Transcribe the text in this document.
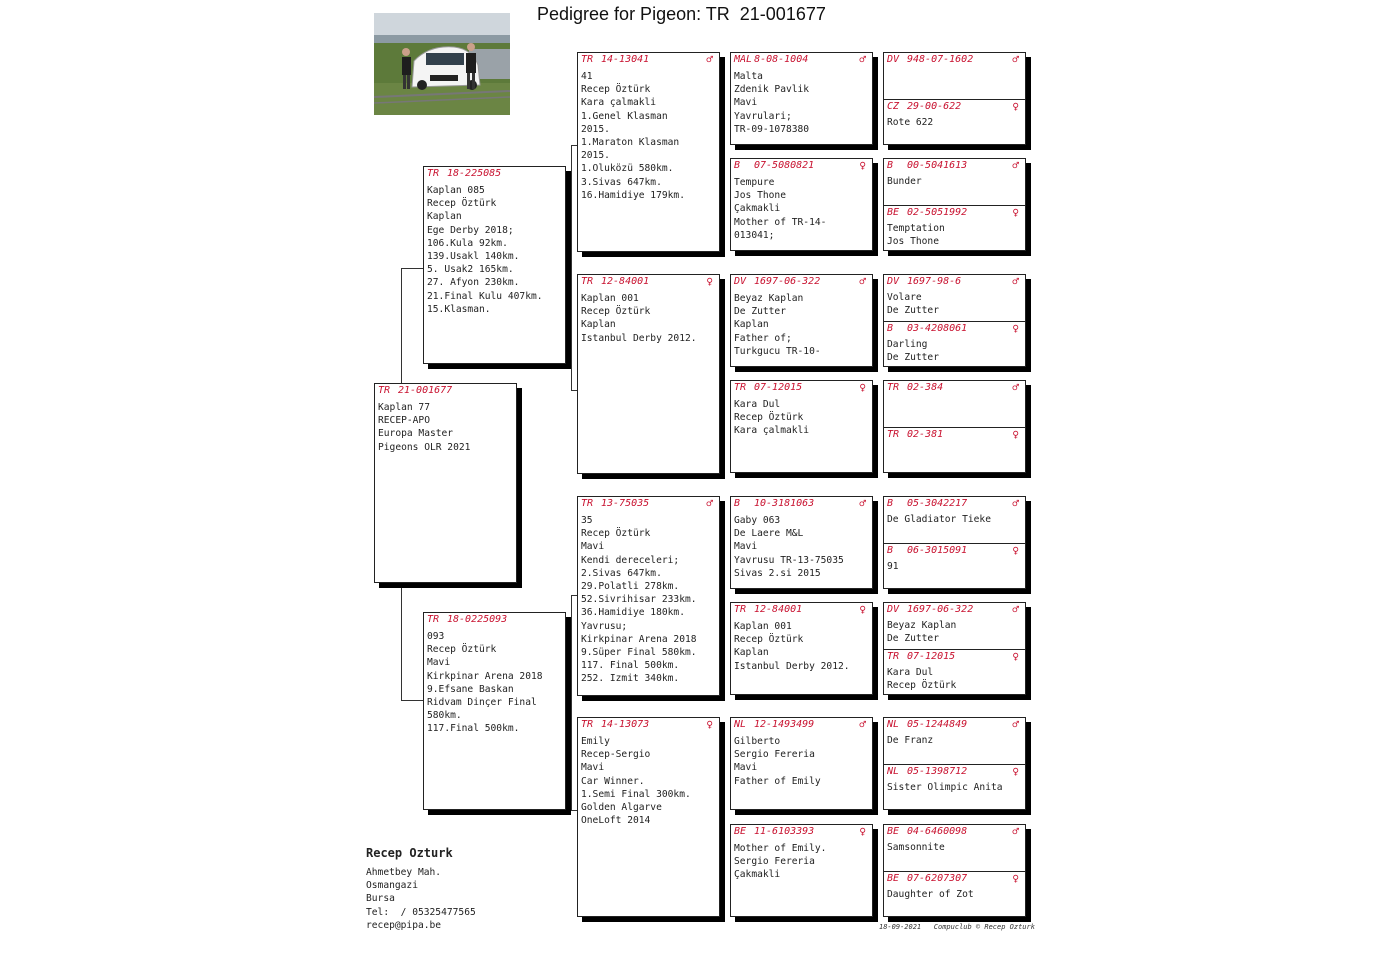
Pedigree for Pigeon: TR  21-001677
TR 21-001677
Kaplan 77
RECEP-APO
Europa Master
Pigeons OLR 2021
TR 18-225085
Kaplan 085
Recep Öztürk
Kaplan
Ege Derby 2018;
106.Kula 92km.
139.Usakl 140km.
5. Usak2 165km.
27. Afyon 230km.
21.Final Kulu 407km.
15.Klasman.
TR 18-0225093
093
Recep Öztürk
Mavi
Kirkpinar Arena 2018
9.Efsane Baskan
Ridvam Dinçer Final
580km.
117.Final 500km.
TR 14-13041	♂
41
Recep Öztürk
Kara çalmakli
1.Genel Klasman
2015.
1.Maraton Klasman
2015.
1.Oluközü 580km.
3.Sivas 647km.
16.Hamidiye 179km.
TR 12-84001	♀
Kaplan 001
Recep Öztürk
Kaplan
Istanbul Derby 2012.
TR 13-75035	♂
35
Recep Öztürk
Mavi
Kendi dereceleri;
2.Sivas 647km.
29.Polatli 278km.
52.Sivrihisar 233km.
36.Hamidiye 180km.
Yavrusu;
Kirkpinar Arena 2018
9.Süper Final 580km.
117. Final 500km.
252. Izmit 340km.
TR 14-13073	♀
Emily
Recep-Sergio
Mavi
Car Winner.
1.Semi Final 300km.
Golden Algarve
OneLoft 2014
MAL 8-08-1004	♂
Malta
Zdenik Pavlik
Mavi
Yavrulari;
TR-09-1078380
B 07-5080821	♀
Tempure
Jos Thone
Çakmakli
Mother of TR-14-
013041;
DV 1697-06-322	♂
Beyaz Kaplan
De Zutter
Kaplan
Father of;
Turkgucu TR-10-
TR 07-12015	♀
Kara Dul
Recep Öztürk
Kara çalmakli
B 10-3181063	♂
Gaby 063
De Laere M&L
Mavi
Yavrusu TR-13-75035
Sivas 2.si 2015
TR 12-84001	♀
Kaplan 001
Recep Öztürk
Kaplan
Istanbul Derby 2012.
NL 12-1493499	♂
Gilberto
Sergio Fereria
Mavi
Father of Emily
BE 11-6103393	♀
Mother of Emily.
Sergio Fereria
Çakmakli
DV 948-07-1602	♂
CZ 29-00-622	♀
Rote 622
B 00-5041613	♂
Bunder
BE 02-5051992	♀
Temptation
Jos Thone
DV 1697-98-6	♂
Volare
De Zutter
B 03-4208061	♀
Darling
De Zutter
TR 02-384	♂
TR 02-381	♀
B 05-3042217	♂
De Gladiator Tieke
B 06-3015091	♀
91
DV 1697-06-322	♂
Beyaz Kaplan
De Zutter
TR 07-12015	♀
Kara Dul
Recep Öztürk
NL 05-1244849	♂
De Franz
NL 05-1398712	♀
Sister Olimpic Anita
BE 04-6460098	♂
Samsonnite
BE 07-6207307	♀
Daughter of Zot
Recep Ozturk
Ahmetbey Mah.
Osmangazi
Bursa
Tel:  / 05325477565
recep@pipa.be	18-09-2021   Compuclub © Recep Ozturk
